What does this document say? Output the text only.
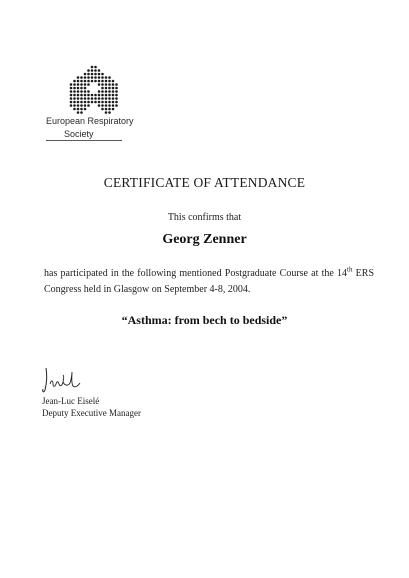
European Respiratory
Society
CERTIFICATE OF ATTENDANCE
This confirms that
Georg Zenner
has participated in the following mentioned Postgraduate Course at the 14th ERS Congress held in Glasgow on September 4-8, 2004.
“Asthma: from bech to bedside”
Jean-Luc Eiselé
Deputy Executive Manager
